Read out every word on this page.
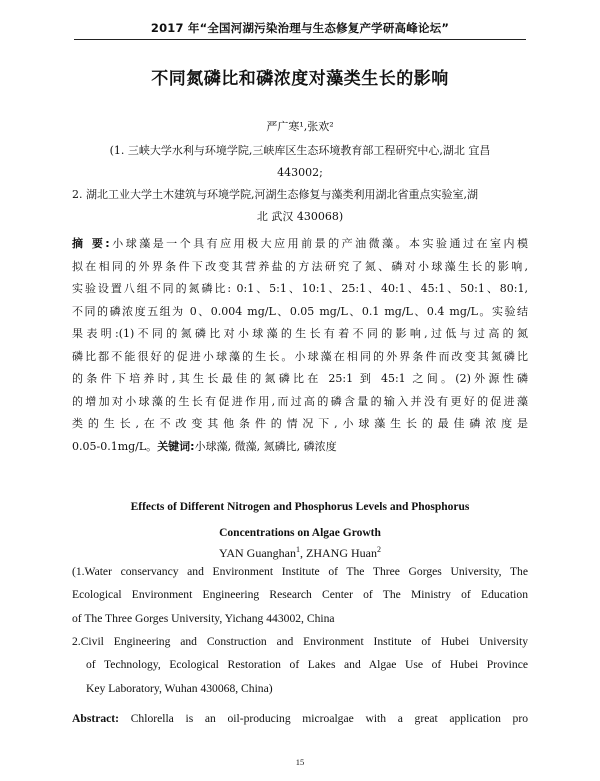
2017 年“全国河湖污染治理与生态修复产学研高峰论坛”
不同氮磷比和磷浓度对藻类生长的影响
严广寒¹,张欢²
(1. 三峡大学水利与环境学院,三峡库区生态环境教育部工程研究中心,湖北 宜昌
443002;
2. 湖北工业大学土木建筑与环境学院,河湖生态修复与藻类利用湖北省重点实验室,湖
北 武汉 430068)
摘 要:小球藻是一个具有应用极大应用前景的产油微藻。本实验通过在室内模
拟在相同的外界条件下改变其营养盐的方法研究了氮、磷对小球藻生长的影响,
实验设置八组不同的氮磷比: 0:1、5:1、10:1、25:1、40:1、45:1、50:1、80:1,
不同的磷浓度五组为 0、0.004 mg/L、0.05 mg/L、0.1 mg/L、0.4 mg/L。实验结
果表明:(1)不同的氮磷比对小球藻的生长有着不同的影响,过低与过高的氮
磷比都不能很好的促进小球藻的生长。小球藻在相同的外界条件而改变其氮磷比
的条件下培养时,其生长最佳的氮磷比在 25:1 到 45:1 之间。(2)外源性磷
的增加对小球藻的生长有促进作用,而过高的磷含量的输入并没有更好的促进藻
类的生长,在不改变其他条件的情况下,小球藻生长的最佳磷浓度是
0.05-0.1mg/L。关键词:小球藻, 微藻, 氮磷比, 磷浓度
Effects of Different Nitrogen and Phosphorus Levels and Phosphorus
Concentrations on Algae Growth
YAN Guanghan$^1$, ZHANG Huan$^2$
(1.Water conservancy and Environment Institute of The Three Gorges University, The
Ecological Environment Engineering Research Center of The Ministry of Education
of The Three Gorges University, Yichang 443002, China
2.Civil Engineering and Construction and Environment Institute of Hubei University
of Technology, Ecological Restoration of Lakes and Algae Use of Hubei Province
Key Laboratory, Wuhan 430068, China)
Abstract: Chlorella is an oil-producing microalgae with a great application pro
15
